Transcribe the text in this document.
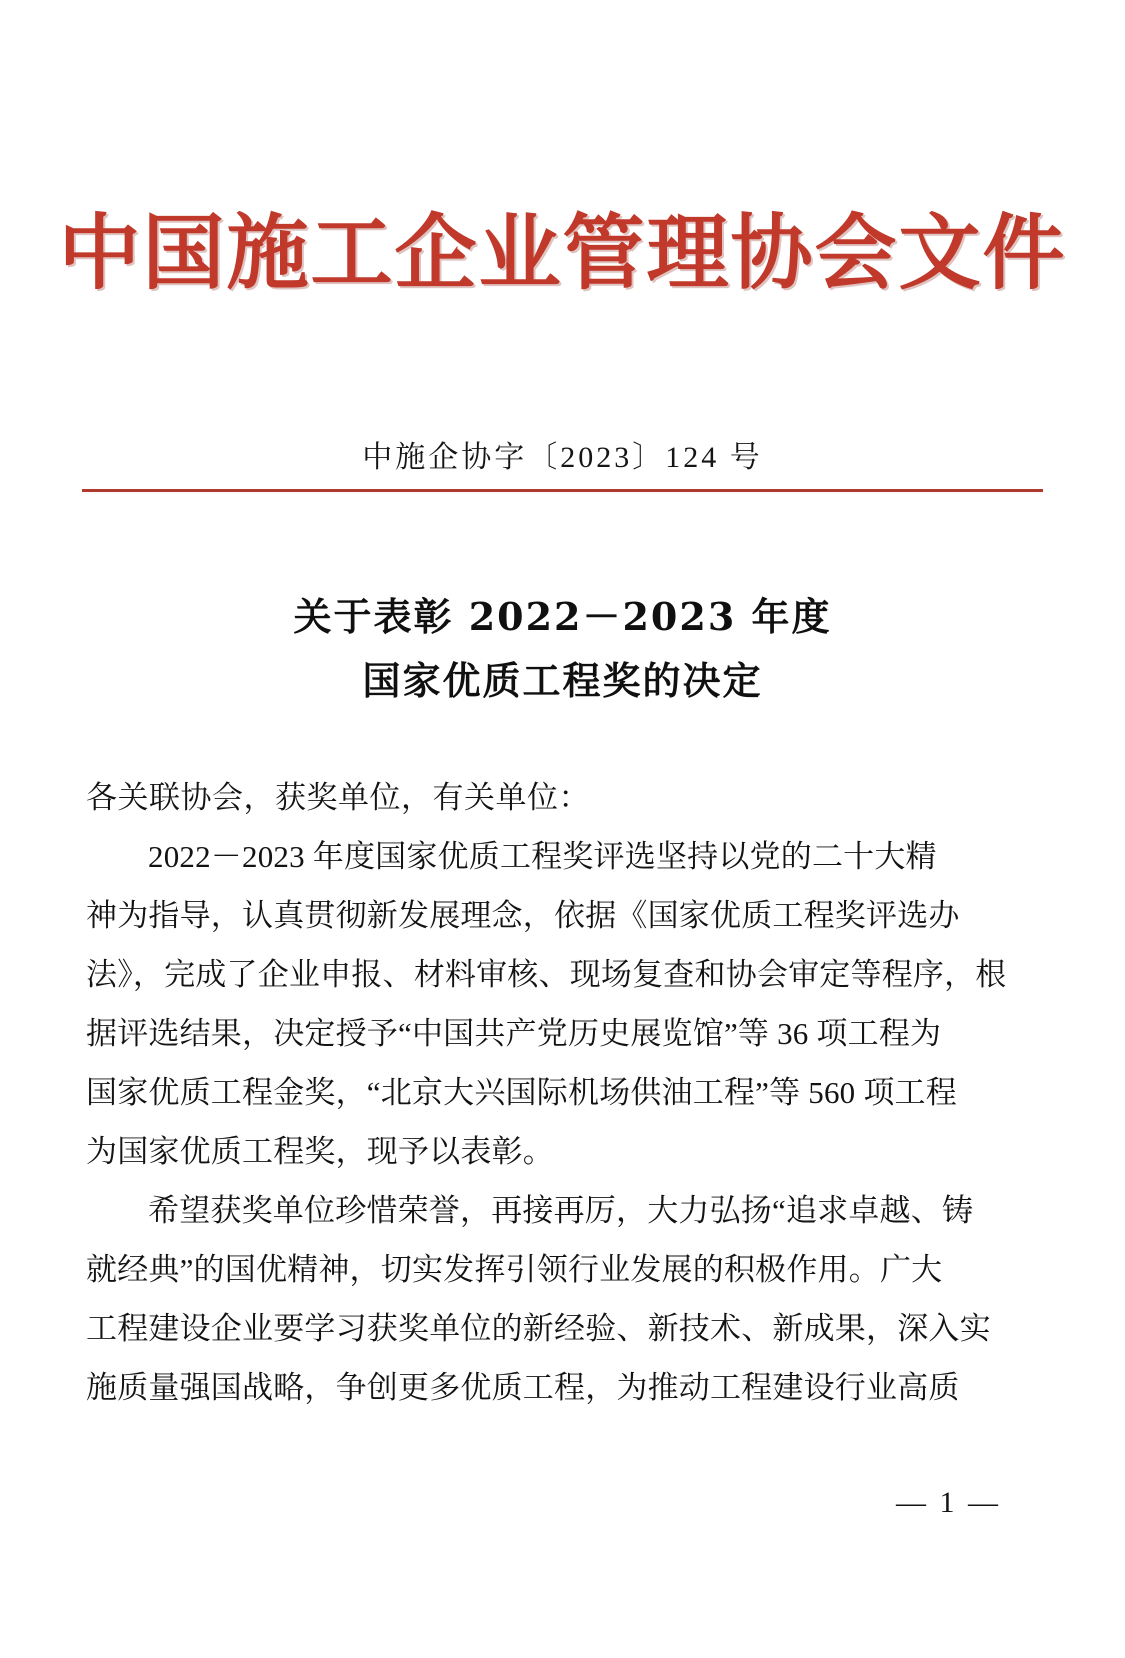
中国施工企业管理协会文件
中施企协字〔2023〕124 号
关于表彰 2022－2023 年度
国家优质工程奖的决定
各关联协会，获奖单位，有关单位：
2022－2023 年度国家优质工程奖评选坚持以党的二十大精
神为指导，认真贯彻新发展理念，依据《国家优质工程奖评选办
法》，完成了企业申报、材料审核、现场复查和协会审定等程序，根
据评选结果，决定授予“中国共产党历史展览馆”等 36 项工程为
国家优质工程金奖，“北京大兴国际机场供油工程”等 560 项工程
为国家优质工程奖，现予以表彰。
希望获奖单位珍惜荣誉，再接再厉，大力弘扬“追求卓越、铸
就经典”的国优精神，切实发挥引领行业发展的积极作用。广大
工程建设企业要学习获奖单位的新经验、新技术、新成果，深入实
施质量强国战略，争创更多优质工程，为推动工程建设行业高质
— 1 —
